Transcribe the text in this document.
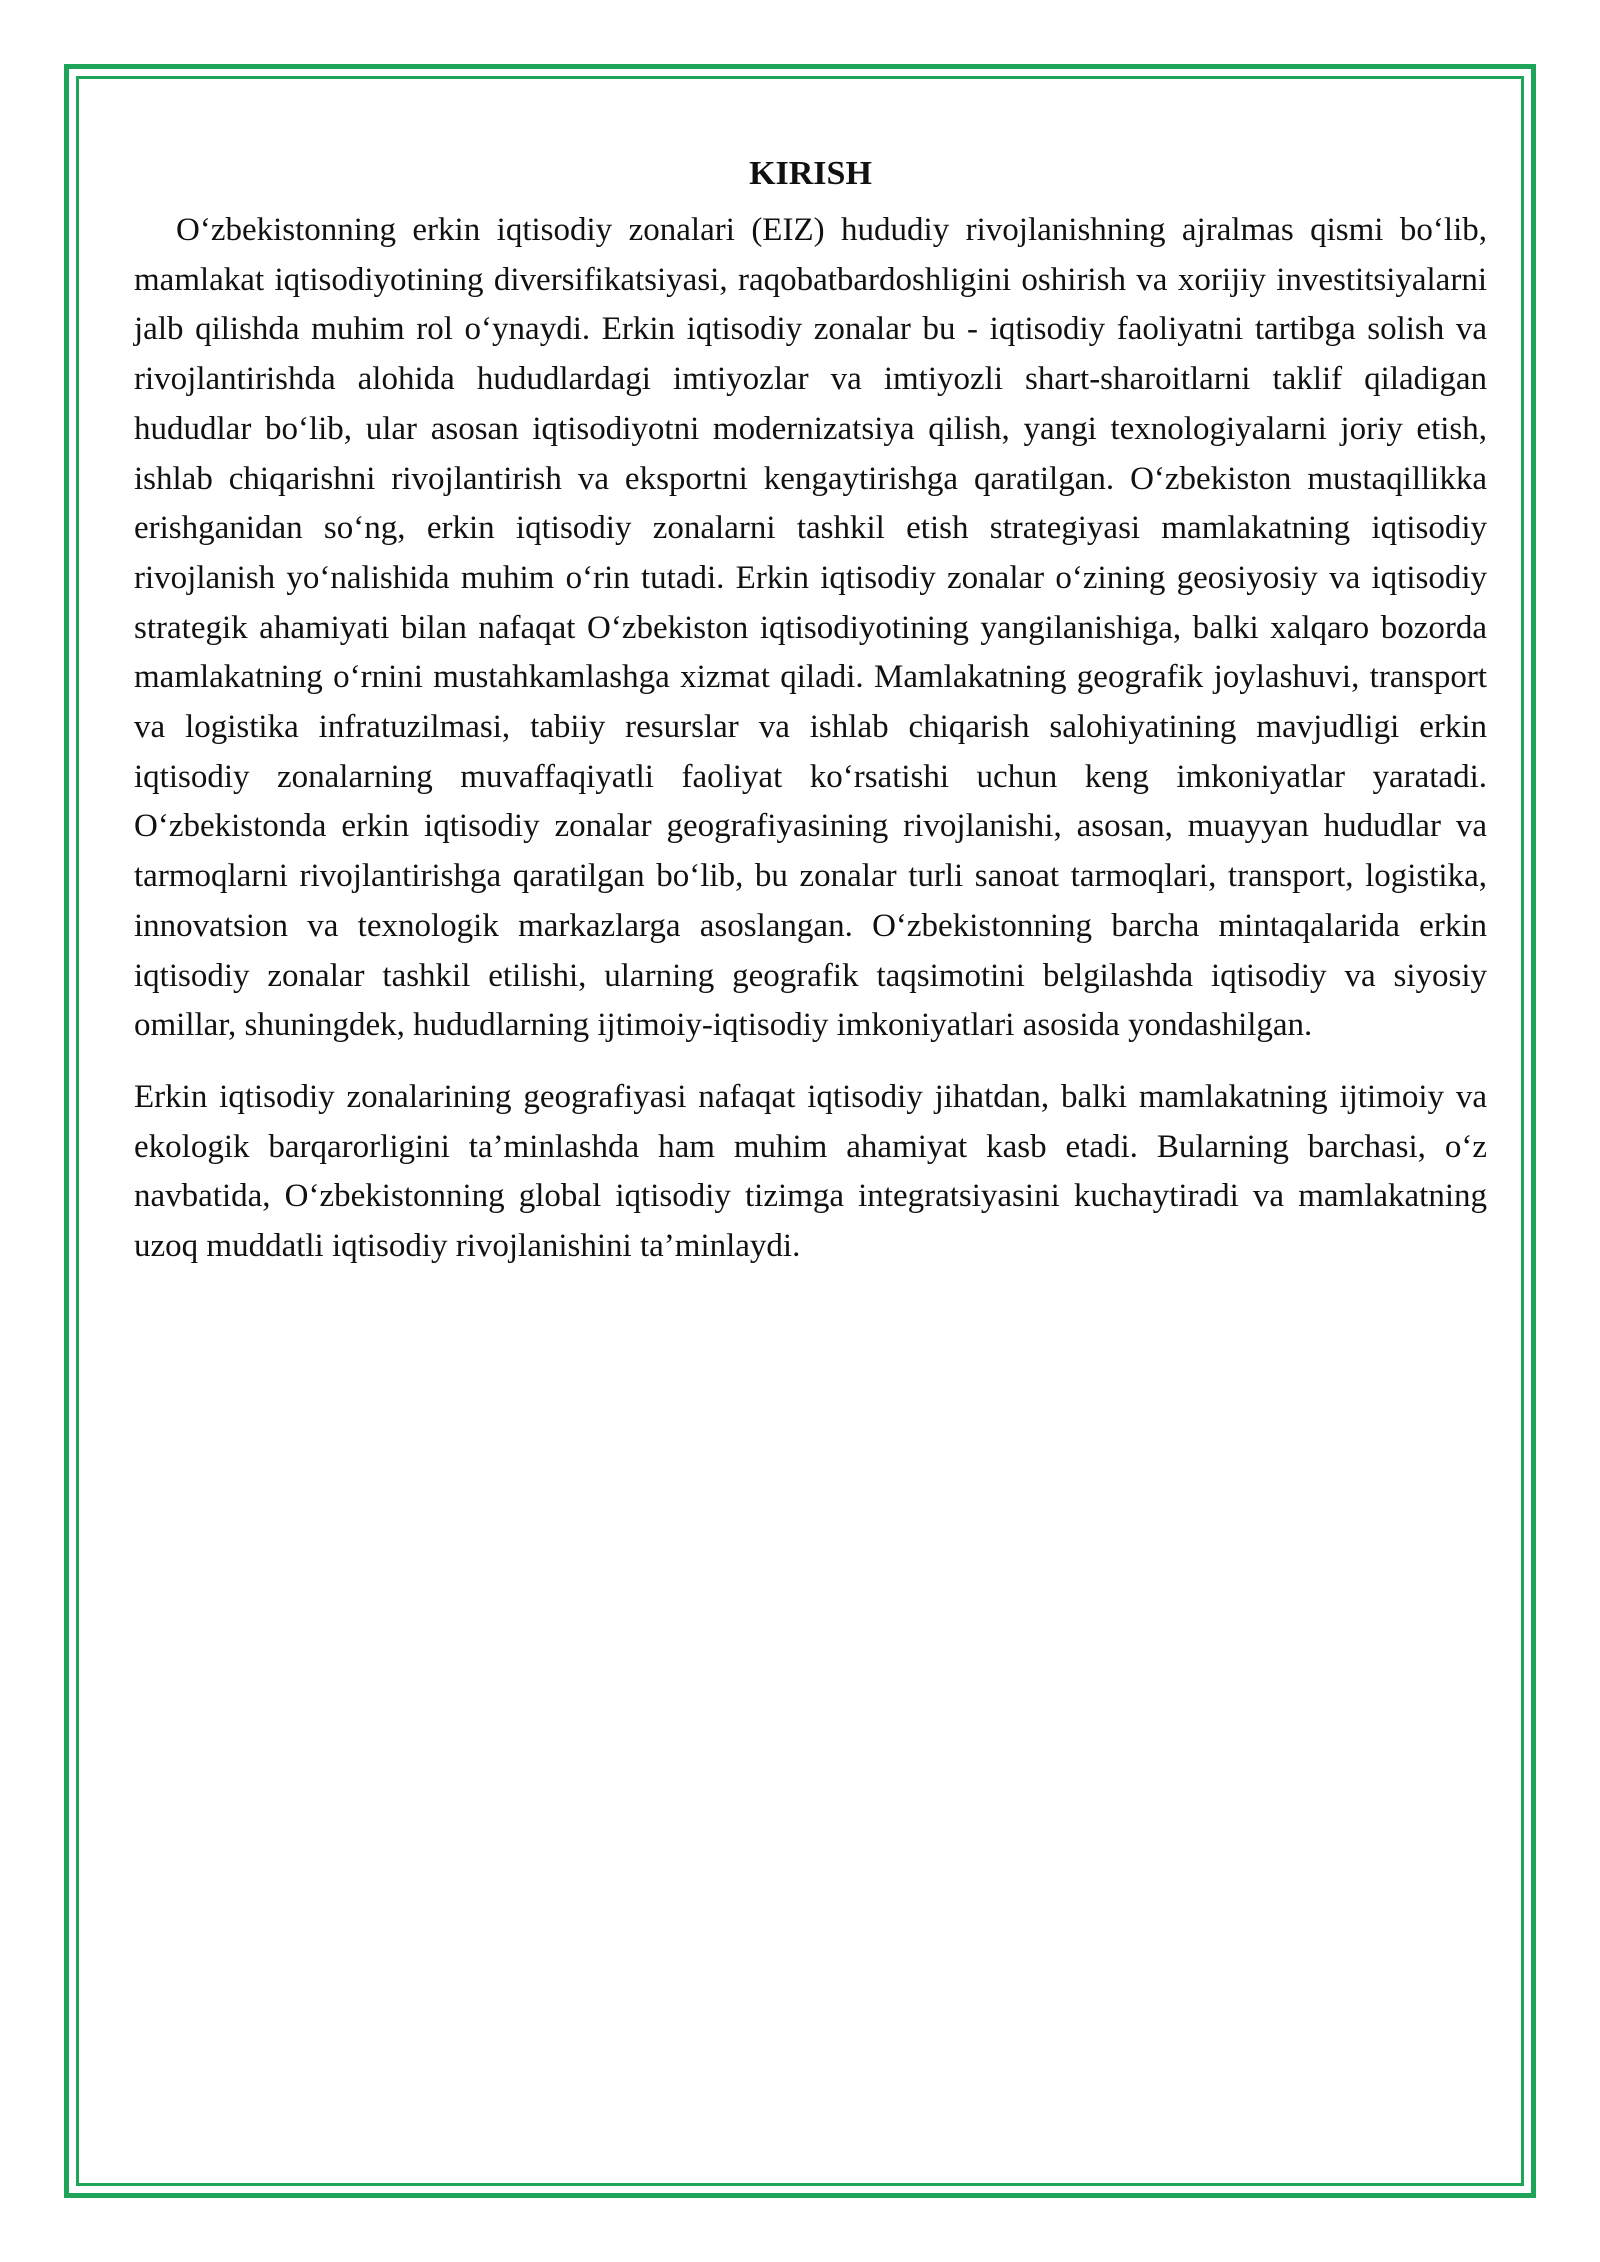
KIRISH

O‘zbekistonning erkin iqtisodiy zonalari (EIZ) hududiy rivojlanishning ajralmas qismi bo‘lib, mamlakat iqtisodiyotining diversifikatsiyasi, raqobatbardoshligini oshirish va xorijiy investitsiyalarni jalb qilishda muhim rol o‘ynaydi. Erkin iqtisodiy zonalar bu - iqtisodiy faoliyatni tartibga solish va rivojlantirishda alohida hududlardagi imtiyozlar va imtiyozli shart-sharoitlarni taklif qiladigan hududlar bo‘lib, ular asosan iqtisodiyotni modernizatsiya qilish, yangi texnologiyalarni joriy etish, ishlab chiqarishni rivojlantirish va eksportni kengaytirishga qaratilgan. O‘zbekiston mustaqillikka erishganidan so‘ng, erkin iqtisodiy zonalarni tashkil etish strategiyasi mamlakatning iqtisodiy rivojlanish yo‘nalishida muhim o‘rin tutadi. Erkin iqtisodiy zonalar o‘zining geosiyosiy va iqtisodiy strategik ahamiyati bilan nafaqat O‘zbekiston iqtisodiyotining yangilanishiga, balki xalqaro bozorda mamlakatning o‘rnini mustahkamlashga xizmat qiladi. Mamlakatning geografik joylashuvi, transport va logistika infratuzilmasi, tabiiy resurslar va ishlab chiqarish salohiyatining mavjudligi erkin iqtisodiy zonalarning muvaffaqiyatli faoliyat ko‘rsatishi uchun keng imkoniyatlar yaratadi. O‘zbekistonda erkin iqtisodiy zonalar geografiyasining rivojlanishi, asosan, muayyan hududlar va tarmoqlarni rivojlantirishga qaratilgan bo‘lib, bu zonalar turli sanoat tarmoqlari, transport, logistika, innovatsion va texnologik markazlarga asoslangan. O‘zbekistonning barcha mintaqalarida erkin iqtisodiy zonalar tashkil etilishi, ularning geografik taqsimotini belgilashda iqtisodiy va siyosiy omillar, shuningdek, hududlarning ijtimoiy-iqtisodiy imkoniyatlari asosida yondashilgan.

Erkin iqtisodiy zonalarining geografiyasi nafaqat iqtisodiy jihatdan, balki mamlakatning ijtimoiy va ekologik barqarorligini ta’minlashda ham muhim ahamiyat kasb etadi. Bularning barchasi, o‘z navbatida, O‘zbekistonning global iqtisodiy tizimga integratsiyasini kuchaytiradi va mamlakatning uzoq muddatli iqtisodiy rivojlanishini ta’minlaydi.
